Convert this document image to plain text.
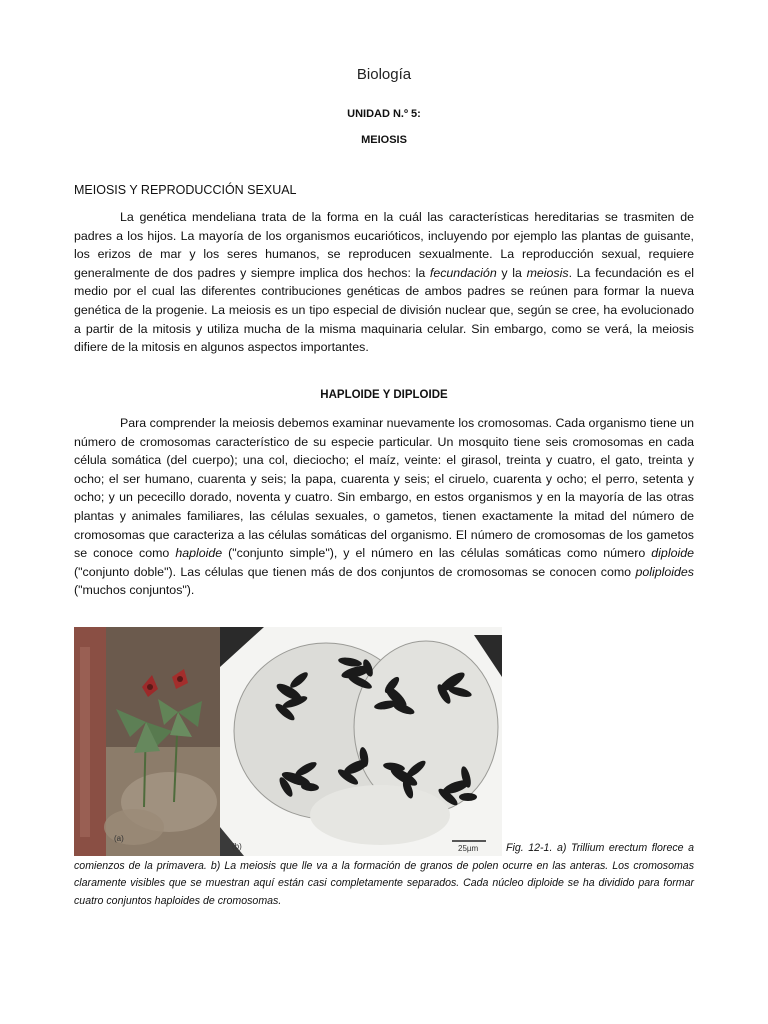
Biología
UNIDAD N.º 5:
MEIOSIS
MEIOSIS Y REPRODUCCIÓN SEXUAL

La genética mendeliana trata de la forma en la cuál las características hereditarias se trasmiten de padres a los hijos. La mayoría de los organismos eucarióticos, incluyendo por ejemplo las plantas de guisante, los erizos de mar y los seres humanos, se reproducen sexualmente. La reproducción sexual, requiere generalmente de dos padres y siempre implica dos hechos: la fecundación y la meiosis. La fecundación es el medio por el cual las diferentes contribuciones genéticas de ambos padres se reúnen para formar la nueva genética de la progenie. La meiosis es un tipo especial de división nuclear que, según se cree, ha evolucionado a partir de la mitosis y utiliza mucha de la misma maquinaria celular. Sin embargo, como se verá, la meiosis difiere de la mitosis en algunos aspectos importantes.

HAPLOIDE Y DIPLOIDE

Para comprender la meiosis debemos examinar nuevamente los cromosomas. Cada organismo tiene un número de cromosomas característico de su especie particular. Un mosquito tiene seis cromosomas en cada célula somática (del cuerpo); una col, dieciocho; el maíz, veinte: el girasol, treinta y cuatro, el gato, treinta y ocho; el ser humano, cuarenta y seis; la papa, cuarenta y seis; el ciruelo, cuarenta y ocho; el perro, setenta y ocho; y un pececillo dorado, noventa y cuatro. Sin embargo, en estos organismos y en la mayoría de las otras plantas y animales familiares, las células sexuales, o gametos, tienen exactamente la mitad del número de cromosomas que caracteriza a las células somáticas del organismo. El número de cromosomas de los gametos se conoce como haploide ("conjunto simple"), y el número en las células somáticas como número diploide ("conjunto doble"). Las células que tienen más de dos conjuntos de cromosomas se conocen como poliploides ("muchos conjuntos").

(a)
(b)	25µm	Fig. 12-1. a) Trillium erectum florece a comienzos de la primavera. b) La meiosis que lle va a la formación de granos de polen ocurre en las anteras. Los cromosomas claramente visibles que se muestran aquí están casi completamente separados. Cada núcleo diploide se ha dividido para formar cuatro conjuntos haploides de cromosomas.
